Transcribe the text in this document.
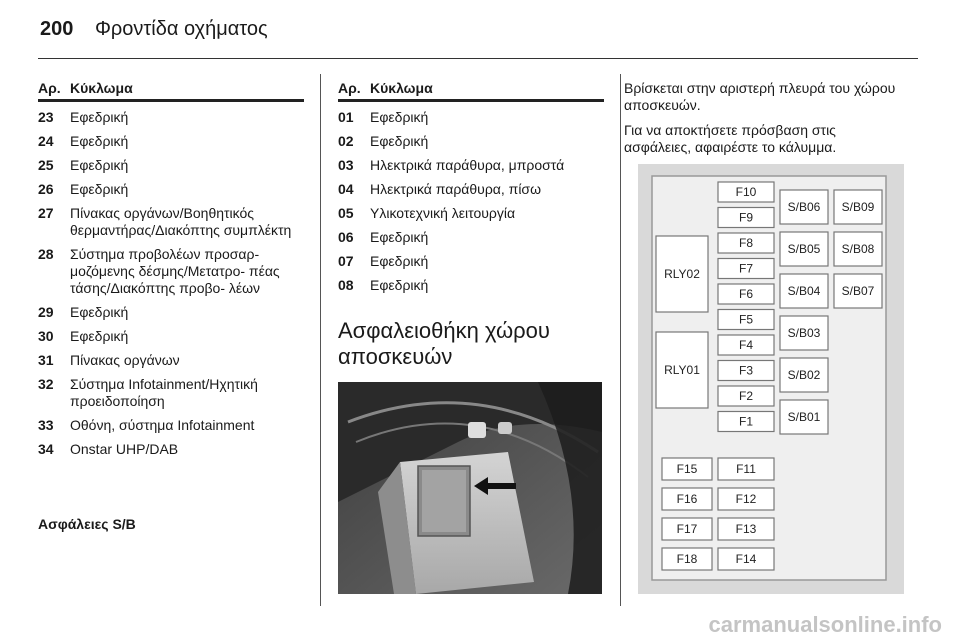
200 Φροντίδα οχήματος
Αρ. Κύκλωμα
23	Εφεδρική
24	Εφεδρική
25	Εφεδρική
26	Εφεδρική
27	Πίνακας οργάνων/Βοηθητικός θερμαντήρας/Διακόπτης συμπλέκτη
28	Σύστημα προβολέων προσαρ- μοζόμενης δέσμης/Μετατρο- πέας τάσης/Διακόπτης προβο- λέων
29	Εφεδρική
30	Εφεδρική
31	Πίνακας οργάνων
32	Σύστημα Infotainment/Ηχητική προειδοποίηση
33	Οθόνη, σύστημα Infotainment
34	Onstar UHP/DAB
Ασφάλειες S/B
Αρ. Κύκλωμα
01	Εφεδρική
02	Εφεδρική
03	Ηλεκτρικά παράθυρα, μπροστά
04	Ηλεκτρικά παράθυρα, πίσω
05	Υλικοτεχνική λειτουργία
06	Εφεδρική
07	Εφεδρική
08	Εφεδρική
Ασφαλειοθήκη χώρου αποσκευών

Βρίσκεται στην αριστερή πλευρά του χώρου αποσκευών.

Για να αποκτήσετε πρόσβαση στις ασφάλειες, αφαιρέστε το κάλυμμα.

F10
F9
F8
F7
F6
F5
F4
F3
F2
F1
RLY02
RLY01
S/B06
S/B05
S/B04
S/B03
S/B02
S/B01
S/B09
S/B08
S/B07
F15
F16
F17
F18
F11
F12
F13
F14
carmanualsonline.info
